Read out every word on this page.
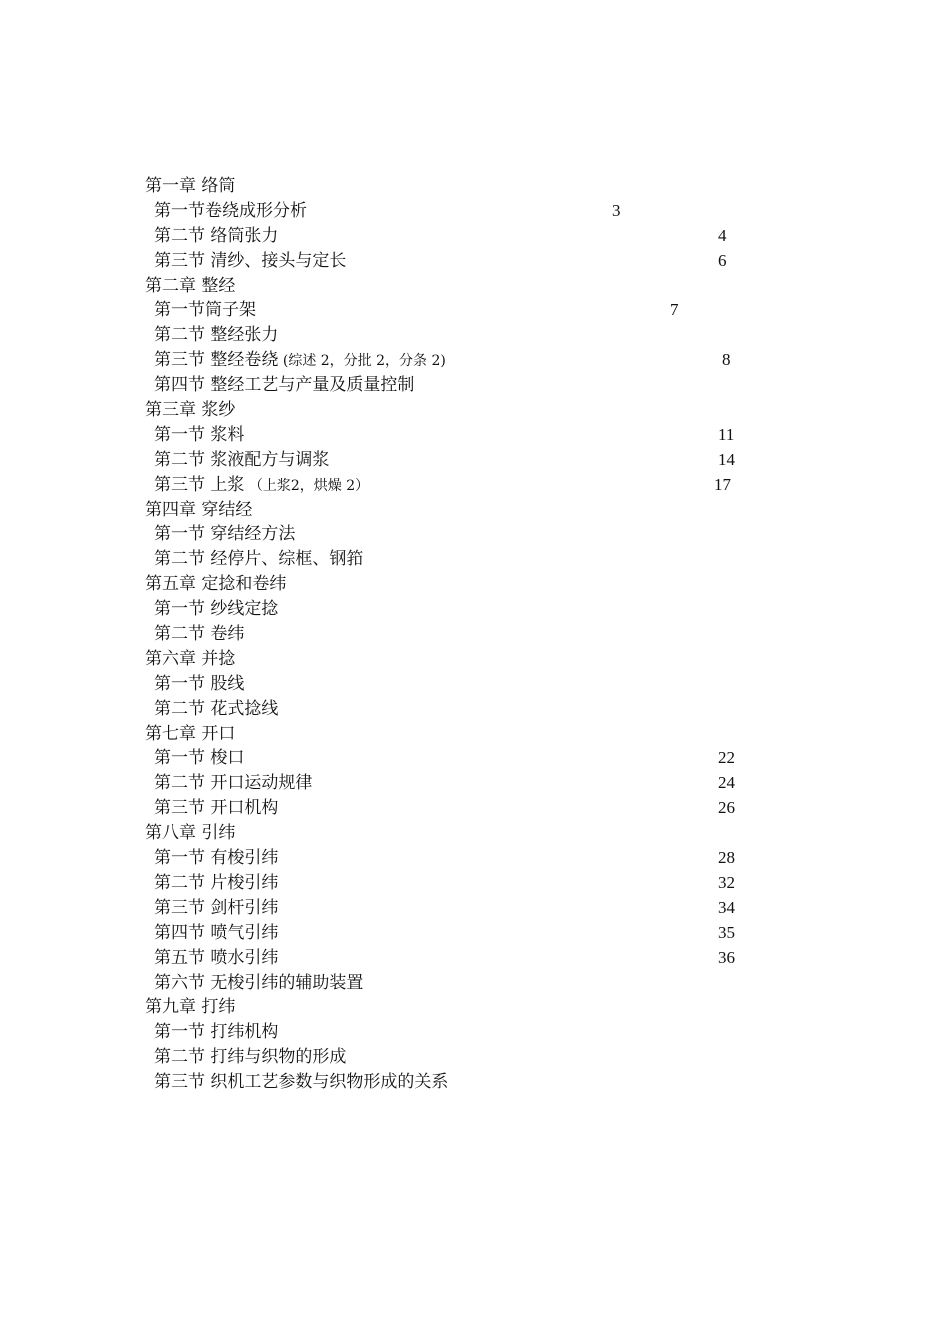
第一章 络筒
第一节卷绕成形分析	3
第二节 络筒张力	4
第三节 清纱、接头与定长	6
第二章 整经
第一节筒子架	7
第二节 整经张力
第三节 整经卷绕 (综述 2，分批 2，分条 2)	8
第四节 整经工艺与产量及质量控制
第三章 浆纱
第一节 浆料	11
第二节 浆液配方与调浆	14
第三节 上浆 （上浆2，烘燥 2）	17
第四章 穿结经
第一节 穿结经方法
第二节 经停片、综框、钢筘
第五章 定捻和卷纬
第一节 纱线定捻
第二节 卷纬
第六章 并捻
第一节 股线
第二节 花式捻线
第七章 开口
第一节 梭口	22
第二节 开口运动规律	24
第三节 开口机构	26
第八章 引纬
第一节 有梭引纬	28
第二节 片梭引纬	32
第三节 剑杆引纬	34
第四节 喷气引纬	35
第五节 喷水引纬	36
第六节 无梭引纬的辅助装置
第九章 打纬
第一节 打纬机构
第二节 打纬与织物的形成
第三节 织机工艺参数与织物形成的关系
